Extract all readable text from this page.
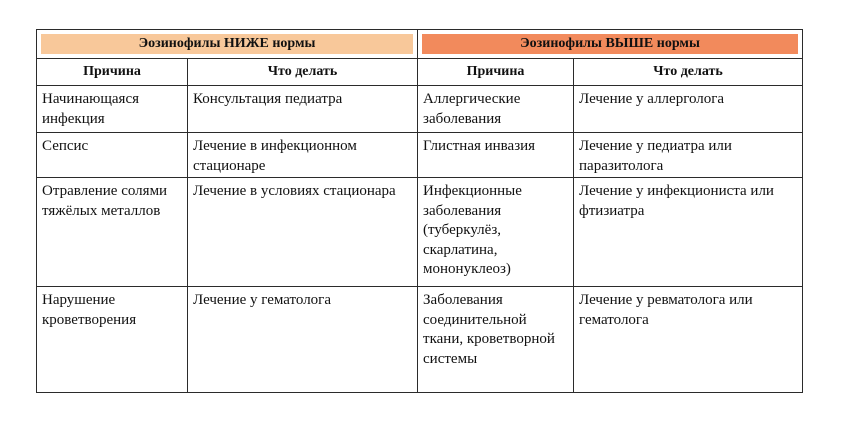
Эозинофилы НИЖЕ нормы		Эозинофилы ВЫШЕ нормы	

Причина	Что делать	Причина	Что делать

Начинающаяся инфекция	Консультация педиатра	Аллергические заболевания	Лечение у аллерголога

Сепсис	Лечение в инфекционном стационаре	Глистная инвазия	Лечение у педиатра или паразитолога

Отравление солями тяжёлых металлов	Лечение в условиях стационара	Инфекционные заболевания (туберкулёз, скарлатина, мононуклеоз)	Лечение у инфекциониста или фтизиатра

Нарушение кроветворения	Лечение у гематолога	Заболевания соединительной ткани, кроветворной системы	Лечение у ревматолога или гематолога
